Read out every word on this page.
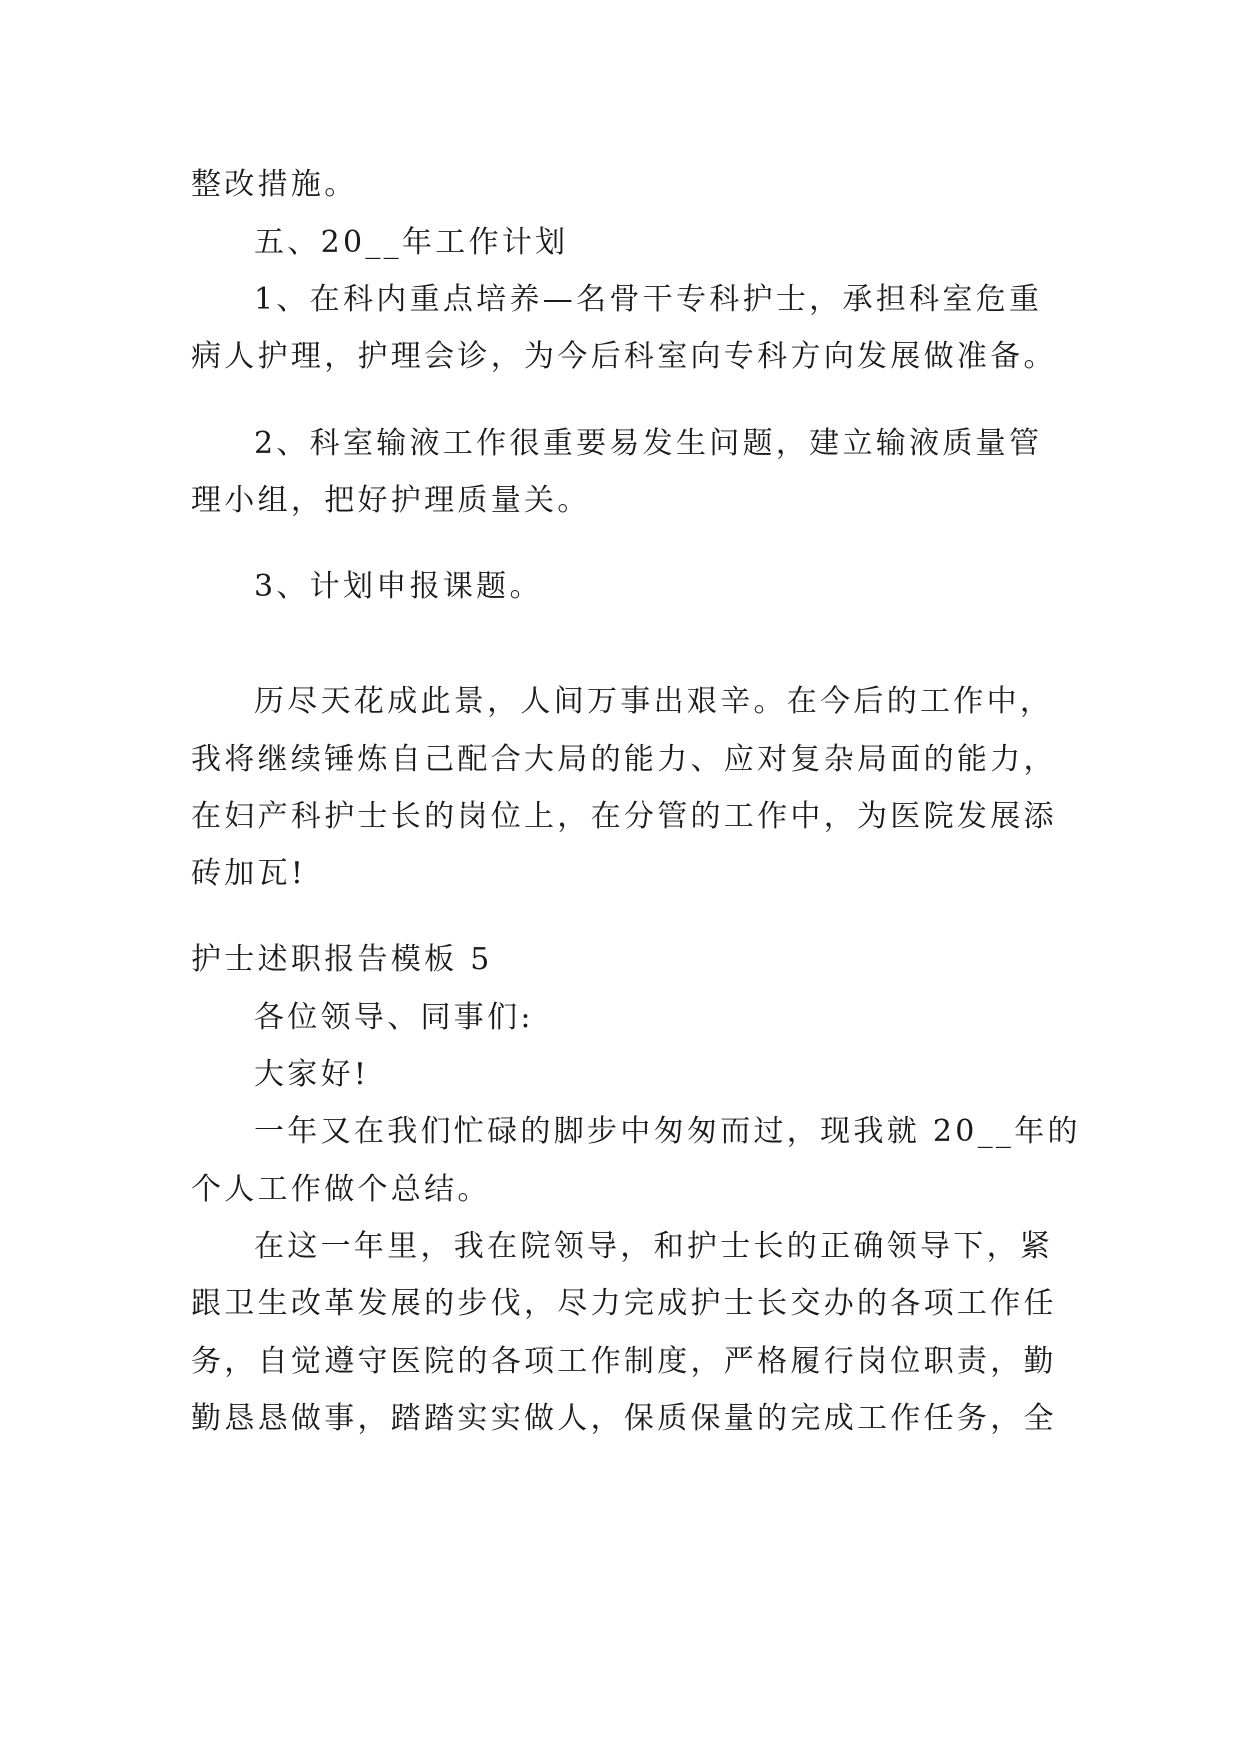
整改措施。
五、20__年工作计划
1、在科内重点培养—名骨干专科护士，承担科室危重
病人护理，护理会诊，为今后科室向专科方向发展做准备。
2、科室输液工作很重要易发生问题，建立输液质量管
理小组，把好护理质量关。
3、计划申报课题。
历尽天花成此景，人间万事出艰辛。在今后的工作中，
我将继续锤炼自己配合大局的能力、应对复杂局面的能力，
在妇产科护士长的岗位上，在分管的工作中，为医院发展添
砖加瓦!
护士述职报告模板 5
各位领导、同事们:
大家好!
一年又在我们忙碌的脚步中匆匆而过，现我就 20__年的
个人工作做个总结。
在这一年里，我在院领导，和护士长的正确领导下，紧
跟卫生改革发展的步伐，尽力完成护士长交办的各项工作任
务，自觉遵守医院的各项工作制度，严格履行岗位职责，勤
勤恳恳做事，踏踏实实做人，保质保量的完成工作任务，全
